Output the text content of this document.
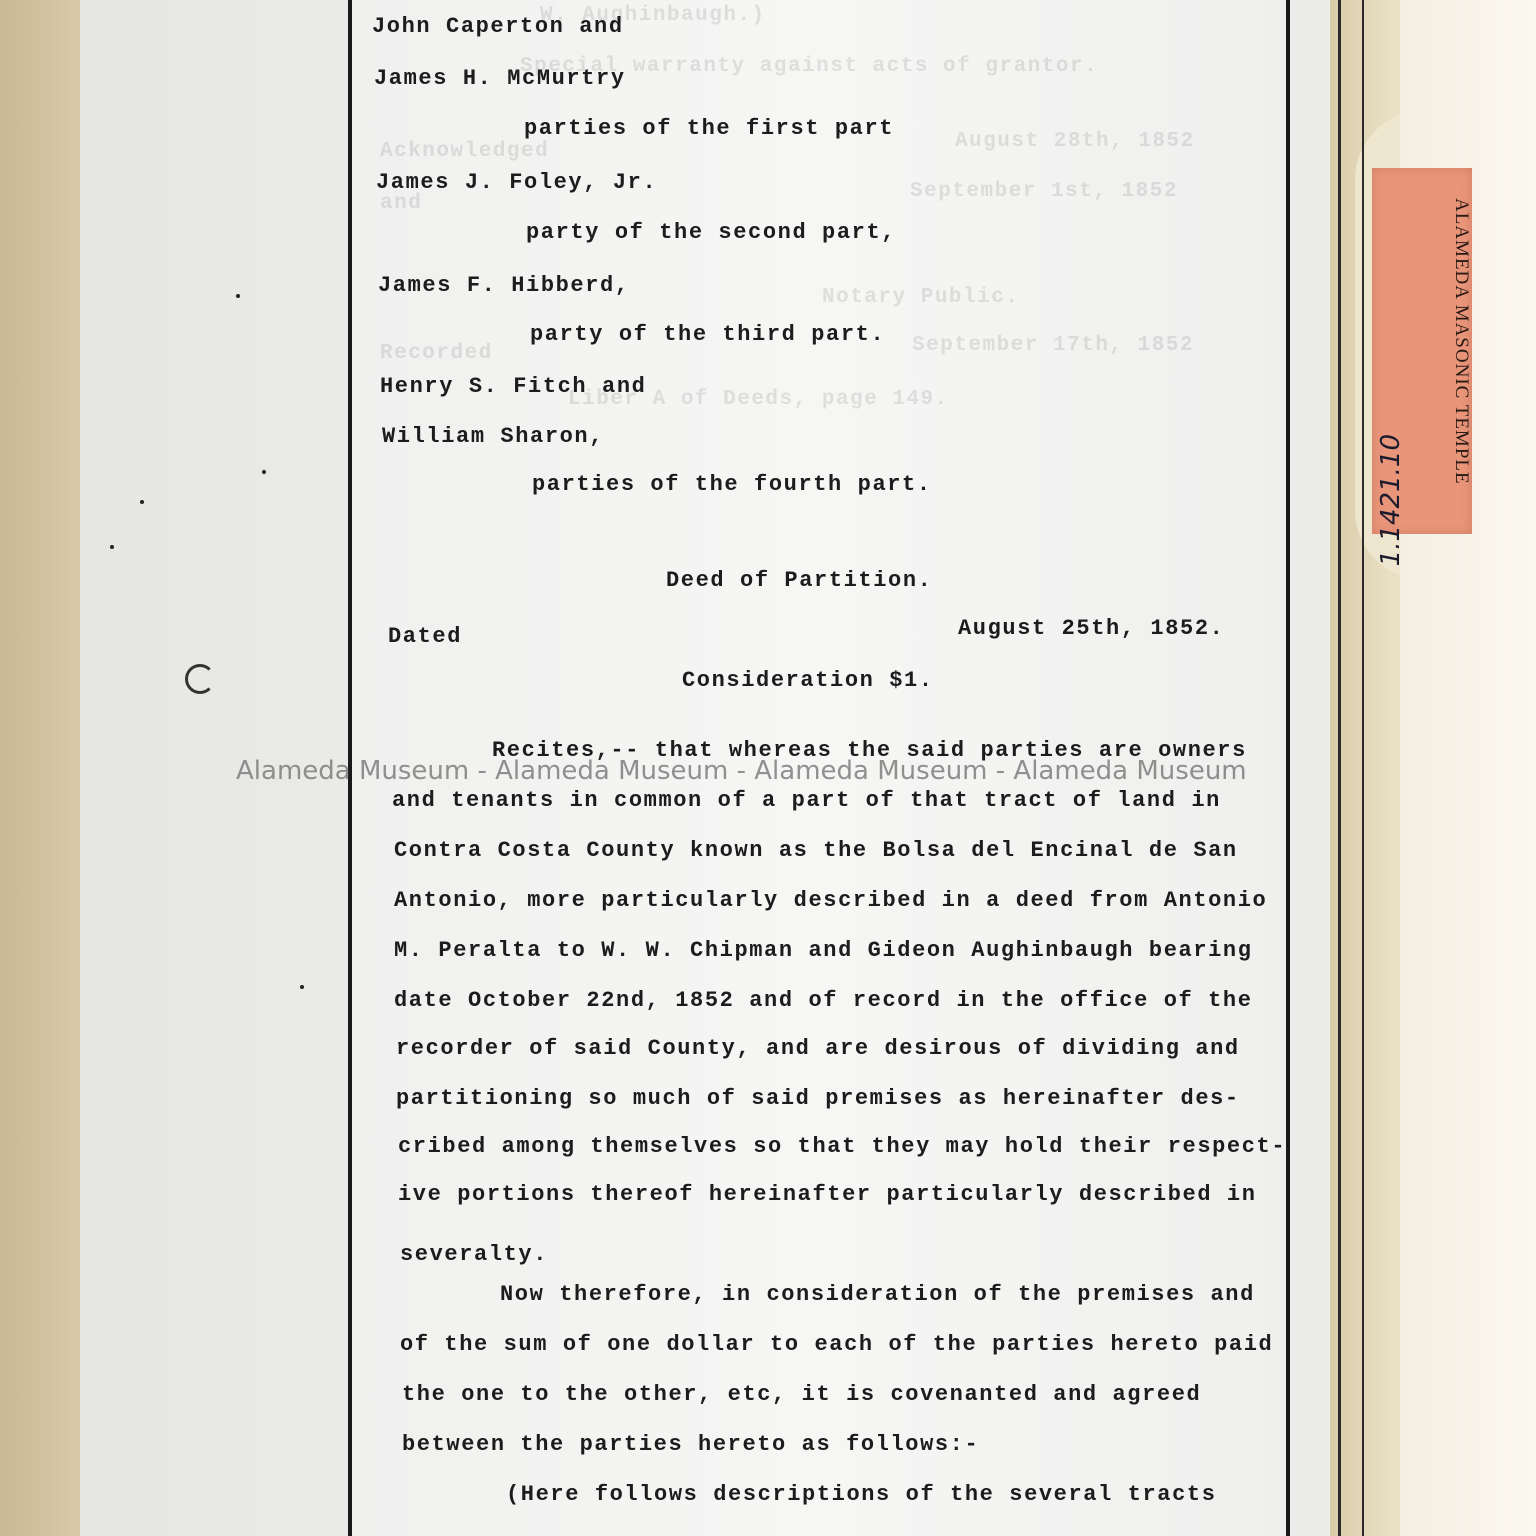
ALAMEDA MASONIC TEMPLE
1.1421.10
W. Aughinbaugh.)
Special warranty against acts of grantor.
Acknowledged	August 28th, 1852
and
September 1st, 1852
Notary Public.
Recorded	September 17th, 1852
Liber A of Deeds, page 149.
John Caperton and
James H. McMurtry
parties of the first part
James J. Foley, Jr.
party of the second part,
James F. Hibberd,
party of the third part.
Henry S. Fitch and
William Sharon,
parties of the fourth part.
Deed of Partition.
Dated	August 25th, 1852.
Consideration $1.
Recites,-- that whereas the said parties are owners
and tenants in common of a part of that tract of land in
Contra Costa County known as the Bolsa del Encinal de San
Antonio, more particularly described in a deed from Antonio
M. Peralta to W. W. Chipman and Gideon Aughinbaugh bearing
date October 22nd, 1852 and of record in the office of the
recorder of said County, and are desirous of dividing and
partitioning so much of said premises as hereinafter des-
cribed among themselves so that they may hold their respect-
ive portions thereof hereinafter particularly described in
severalty.
Now therefore, in consideration of the premises and
of the sum of one dollar to each of the parties hereto paid
the one to the other, etc, it is covenanted and agreed
between the parties hereto as follows:-
(Here follows descriptions of the several tracts
Alameda Museum - Alameda Museum - Alameda Museum - Alameda Museum
